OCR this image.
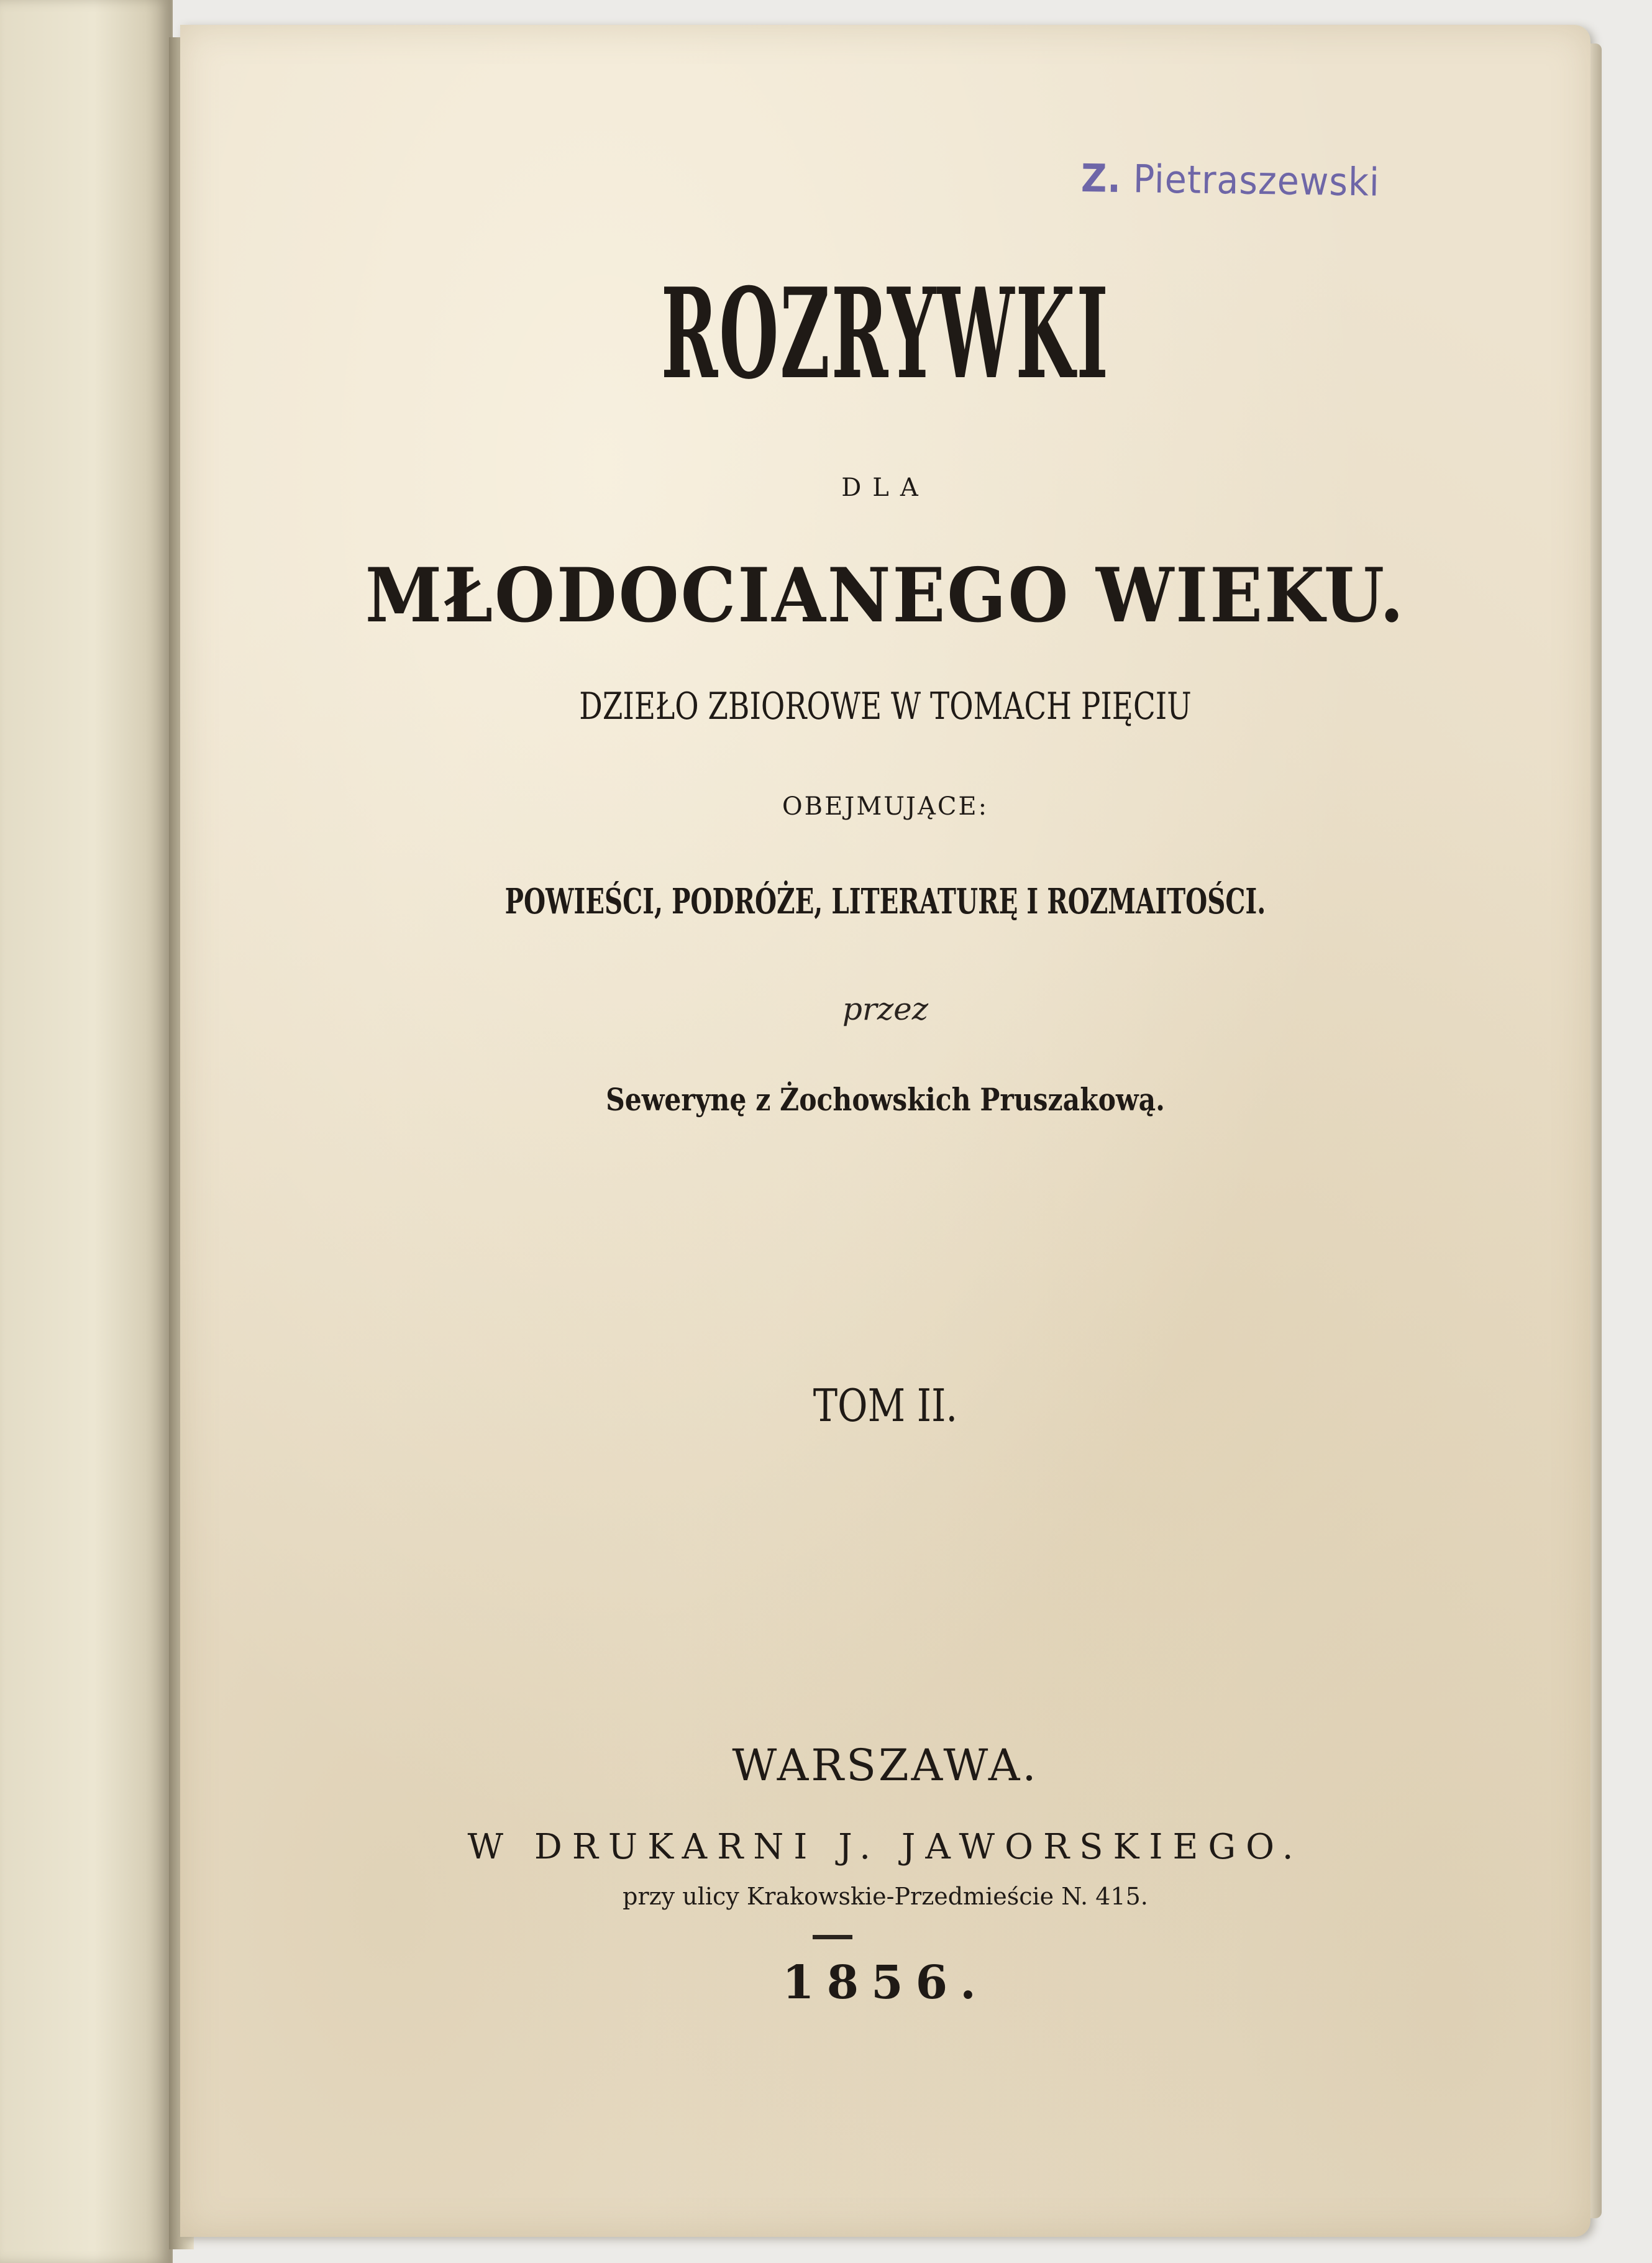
Z. Pietraszewski
ROZRYWKI
DLA
MŁODOCIANEGO WIEKU.
DZIEŁO ZBIOROWE W TOMACH PIĘCIU
OBEJMUJĄCE:
POWIEŚCI, PODRÓŻE, LITERATURĘ I ROZMAITOŚCI.
przez
Sewerynę z Żochowskich Pruszakową.
TOM II.
WARSZAWA.
W DRUKARNI J. JAWORSKIEGO.
przy ulicy Krakowskie-Przedmieście N. 415.
1856.
